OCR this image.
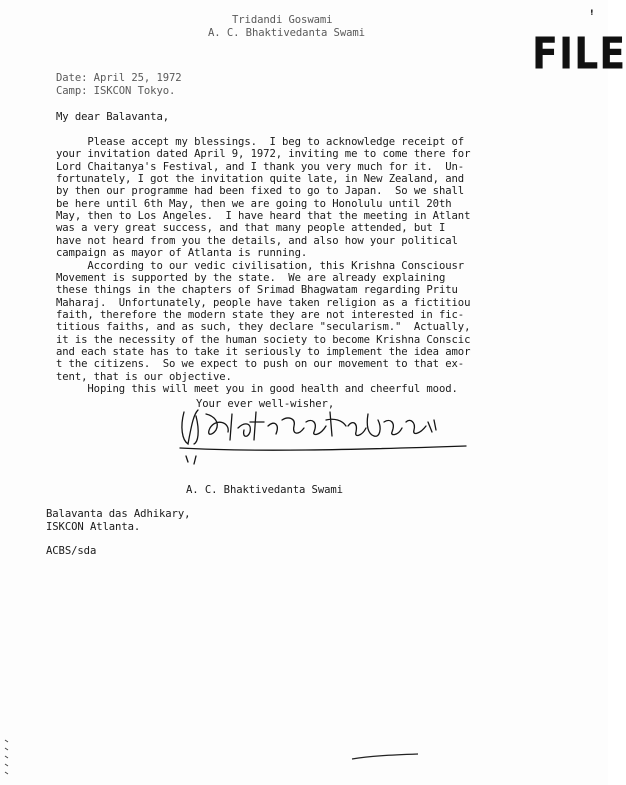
Tridandi Goswami
A. C. Bhaktivedanta Swami
ꜝ
FILE
Date: April 25, 1972
Camp: ISKCON Tokyo.
My dear Balavanta,
Please accept my blessings.  I beg to acknowledge receipt of
your invitation dated April 9, 1972, inviting me to come there for
Lord Chaitanya's Festival, and I thank you very much for it.  Un-
fortunately, I got the invitation quite late, in New Zealand, and
by then our programme had been fixed to go to Japan.  So we shall
be here until 6th May, then we are going to Honolulu until 20th
May, then to Los Angeles.  I have heard that the meeting in Atlant
was a very great success, and that many people attended, but I
have not heard from you the details, and also how your political
campaign as mayor of Atlanta is running.
According to our vedic civilisation, this Krishna Consciousr
Movement is supported by the state.  We are already explaining
these things in the chapters of Srimad Bhagwatam regarding Pritu
Maharaj.  Unfortunately, people have taken religion as a fictitiou
faith, therefore the modern state they are not interested in fic-
titious faiths, and as such, they declare "secularism."  Actually,
it is the necessity of the human society to become Krishna Conscic
and each state has to take it seriously to implement the idea amor
t the citizens.  So we expect to push on our movement to that ex-
tent, that is our objective.
Hoping this will meet you in good health and cheerful mood.
Your ever well-wisher,
A. C. Bhaktivedanta Swami
Balavanta das Adhikary,
ISKCON Atlanta.
ACBS/sda
